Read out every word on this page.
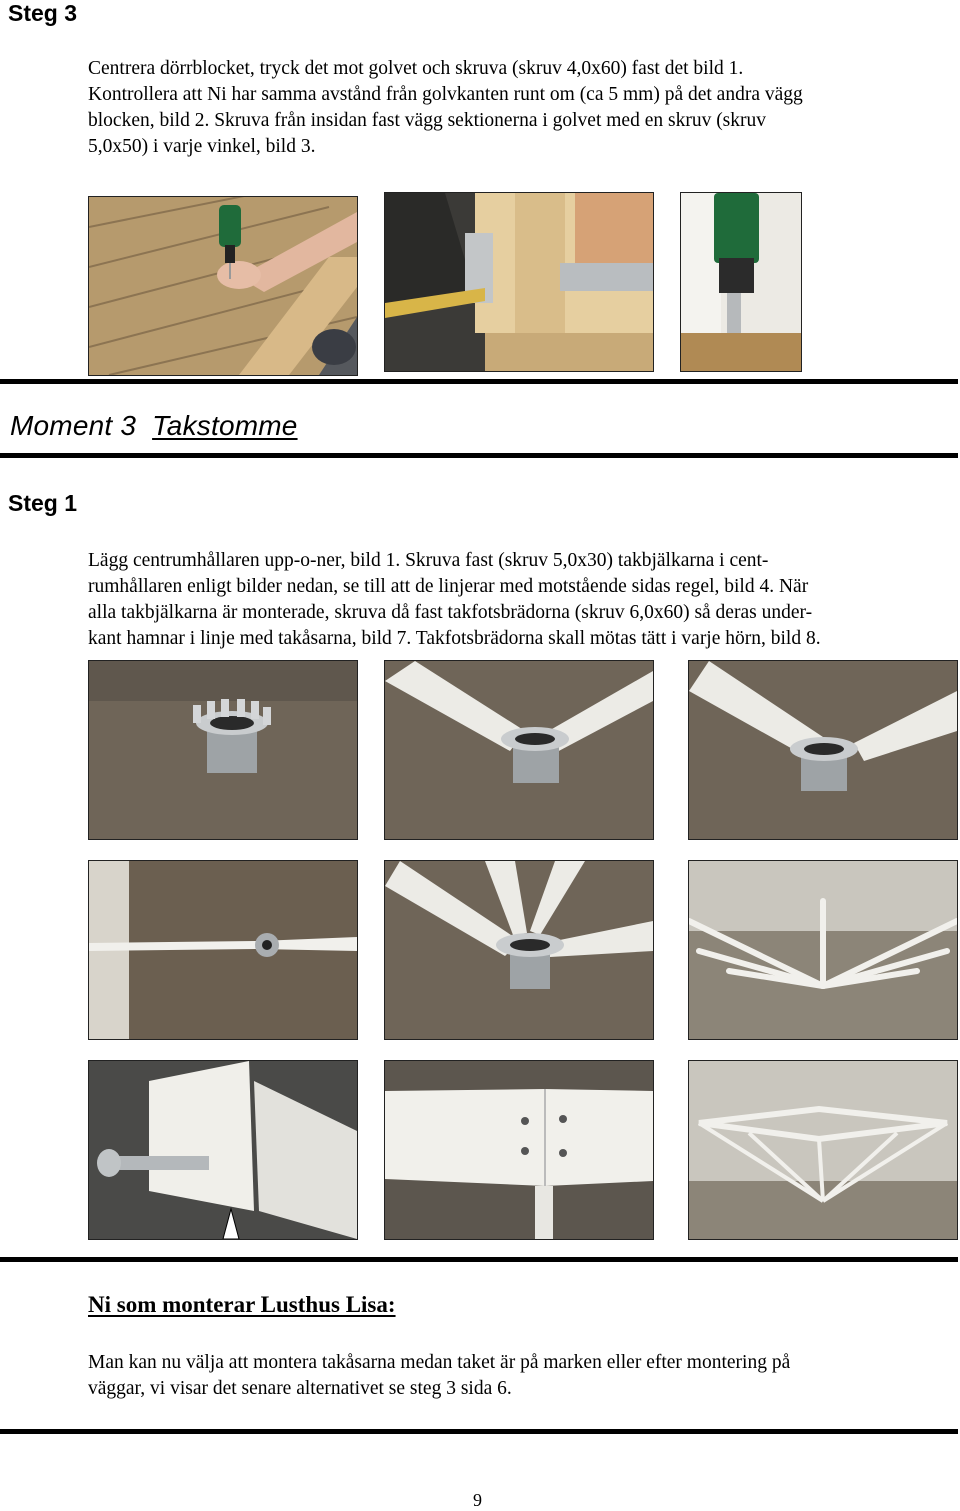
Steg 3
Centrera dörrblocket, tryck det mot golvet och skruva (skruv 4,0x60) fast det bild 1.
Kontrollera att Ni har samma avstånd från golvkanten runt om (ca 5 mm) på det andra vägg
blocken, bild 2. Skruva från insidan fast vägg sektionerna i golvet med en skruv (skruv
5,0x50) i varje vinkel, bild 3.
Moment 3 Takstomme
Steg 1
Lägg centrumhållaren upp-o-ner, bild 1. Skruva fast (skruv 5,0x30) takbjälkarna i cent-
rumhållaren enligt bilder nedan, se till att de linjerar med motstående sidas regel, bild 4. När
alla takbjälkarna är monterade, skruva då fast takfotsbrädorna (skruv 6,0x60) så deras under-
kant hamnar i linje med takåsarna, bild 7. Takfotsbrädorna skall mötas tätt i varje hörn, bild 8.
Ni som monterar Lusthus Lisa:
Man kan nu välja att montera takåsarna medan taket är på marken eller efter montering på
väggar, vi visar det senare alternativet se steg 3 sida 6.
9
